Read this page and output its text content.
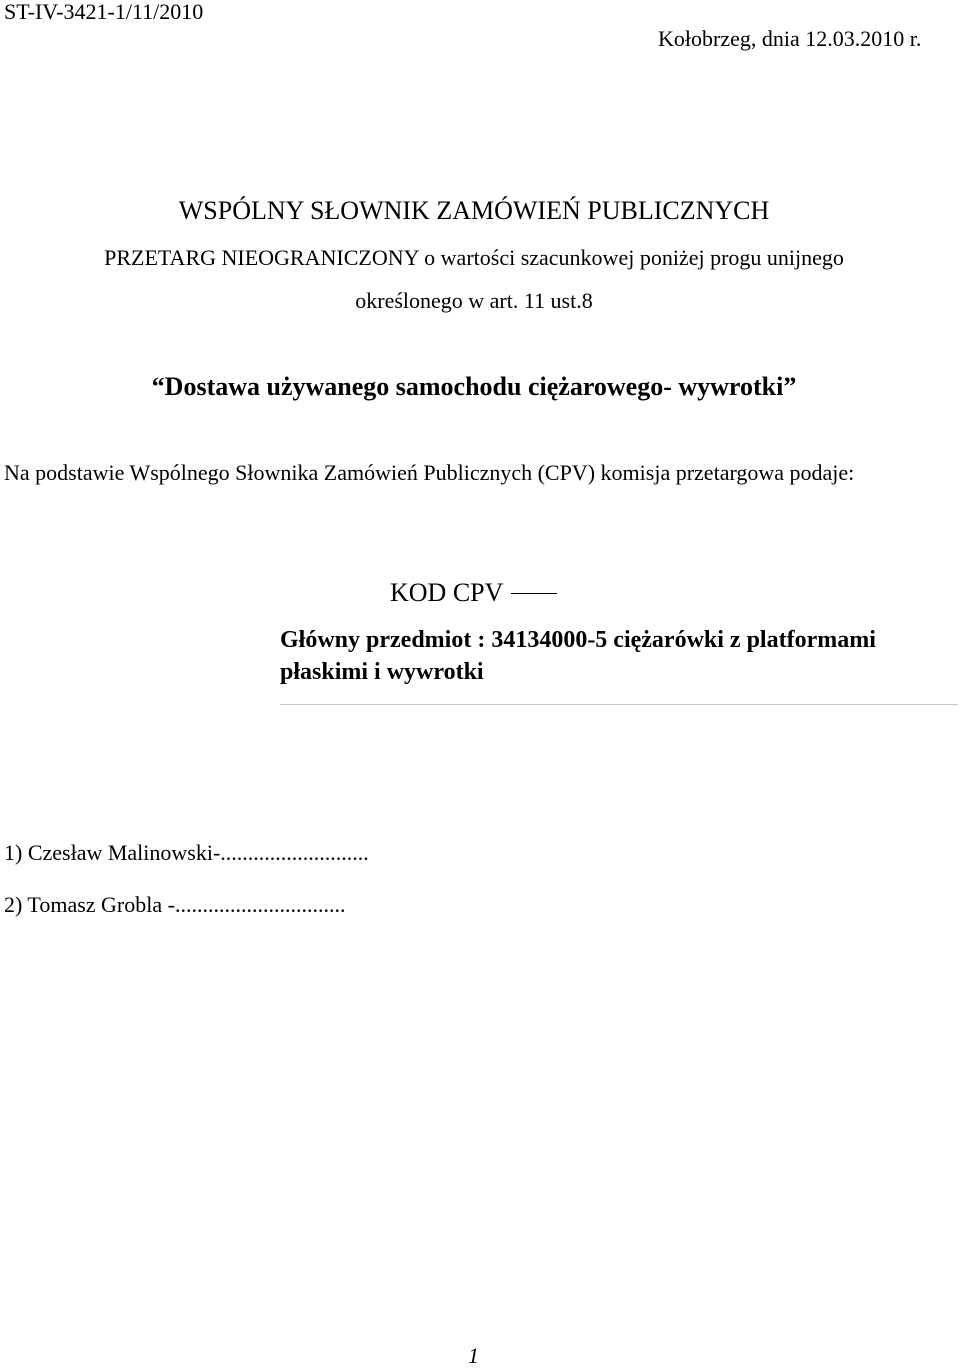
ST-IV-3421-1/11/2010
Kołobrzeg, dnia 12.03.2010 r.
WSPÓLNY SŁOWNIK ZAMÓWIEŃ PUBLICZNYCH
PRZETARG NIEOGRANICZONY o wartości szacunkowej poniżej progu unijnego
określonego w art. 11 ust.8
“Dostawa używanego samochodu ciężarowego- wywrotki”
Na podstawie Wspólnego Słownika Zamówień Publicznych (CPV) komisja przetargowa podaje:
KOD CPV
Główny przedmiot : 34134000-5 ciężarówki z platformami płaskimi i wywrotki
1) Czesław Malinowski-...........................
2) Tomasz Grobla -...............................
1
